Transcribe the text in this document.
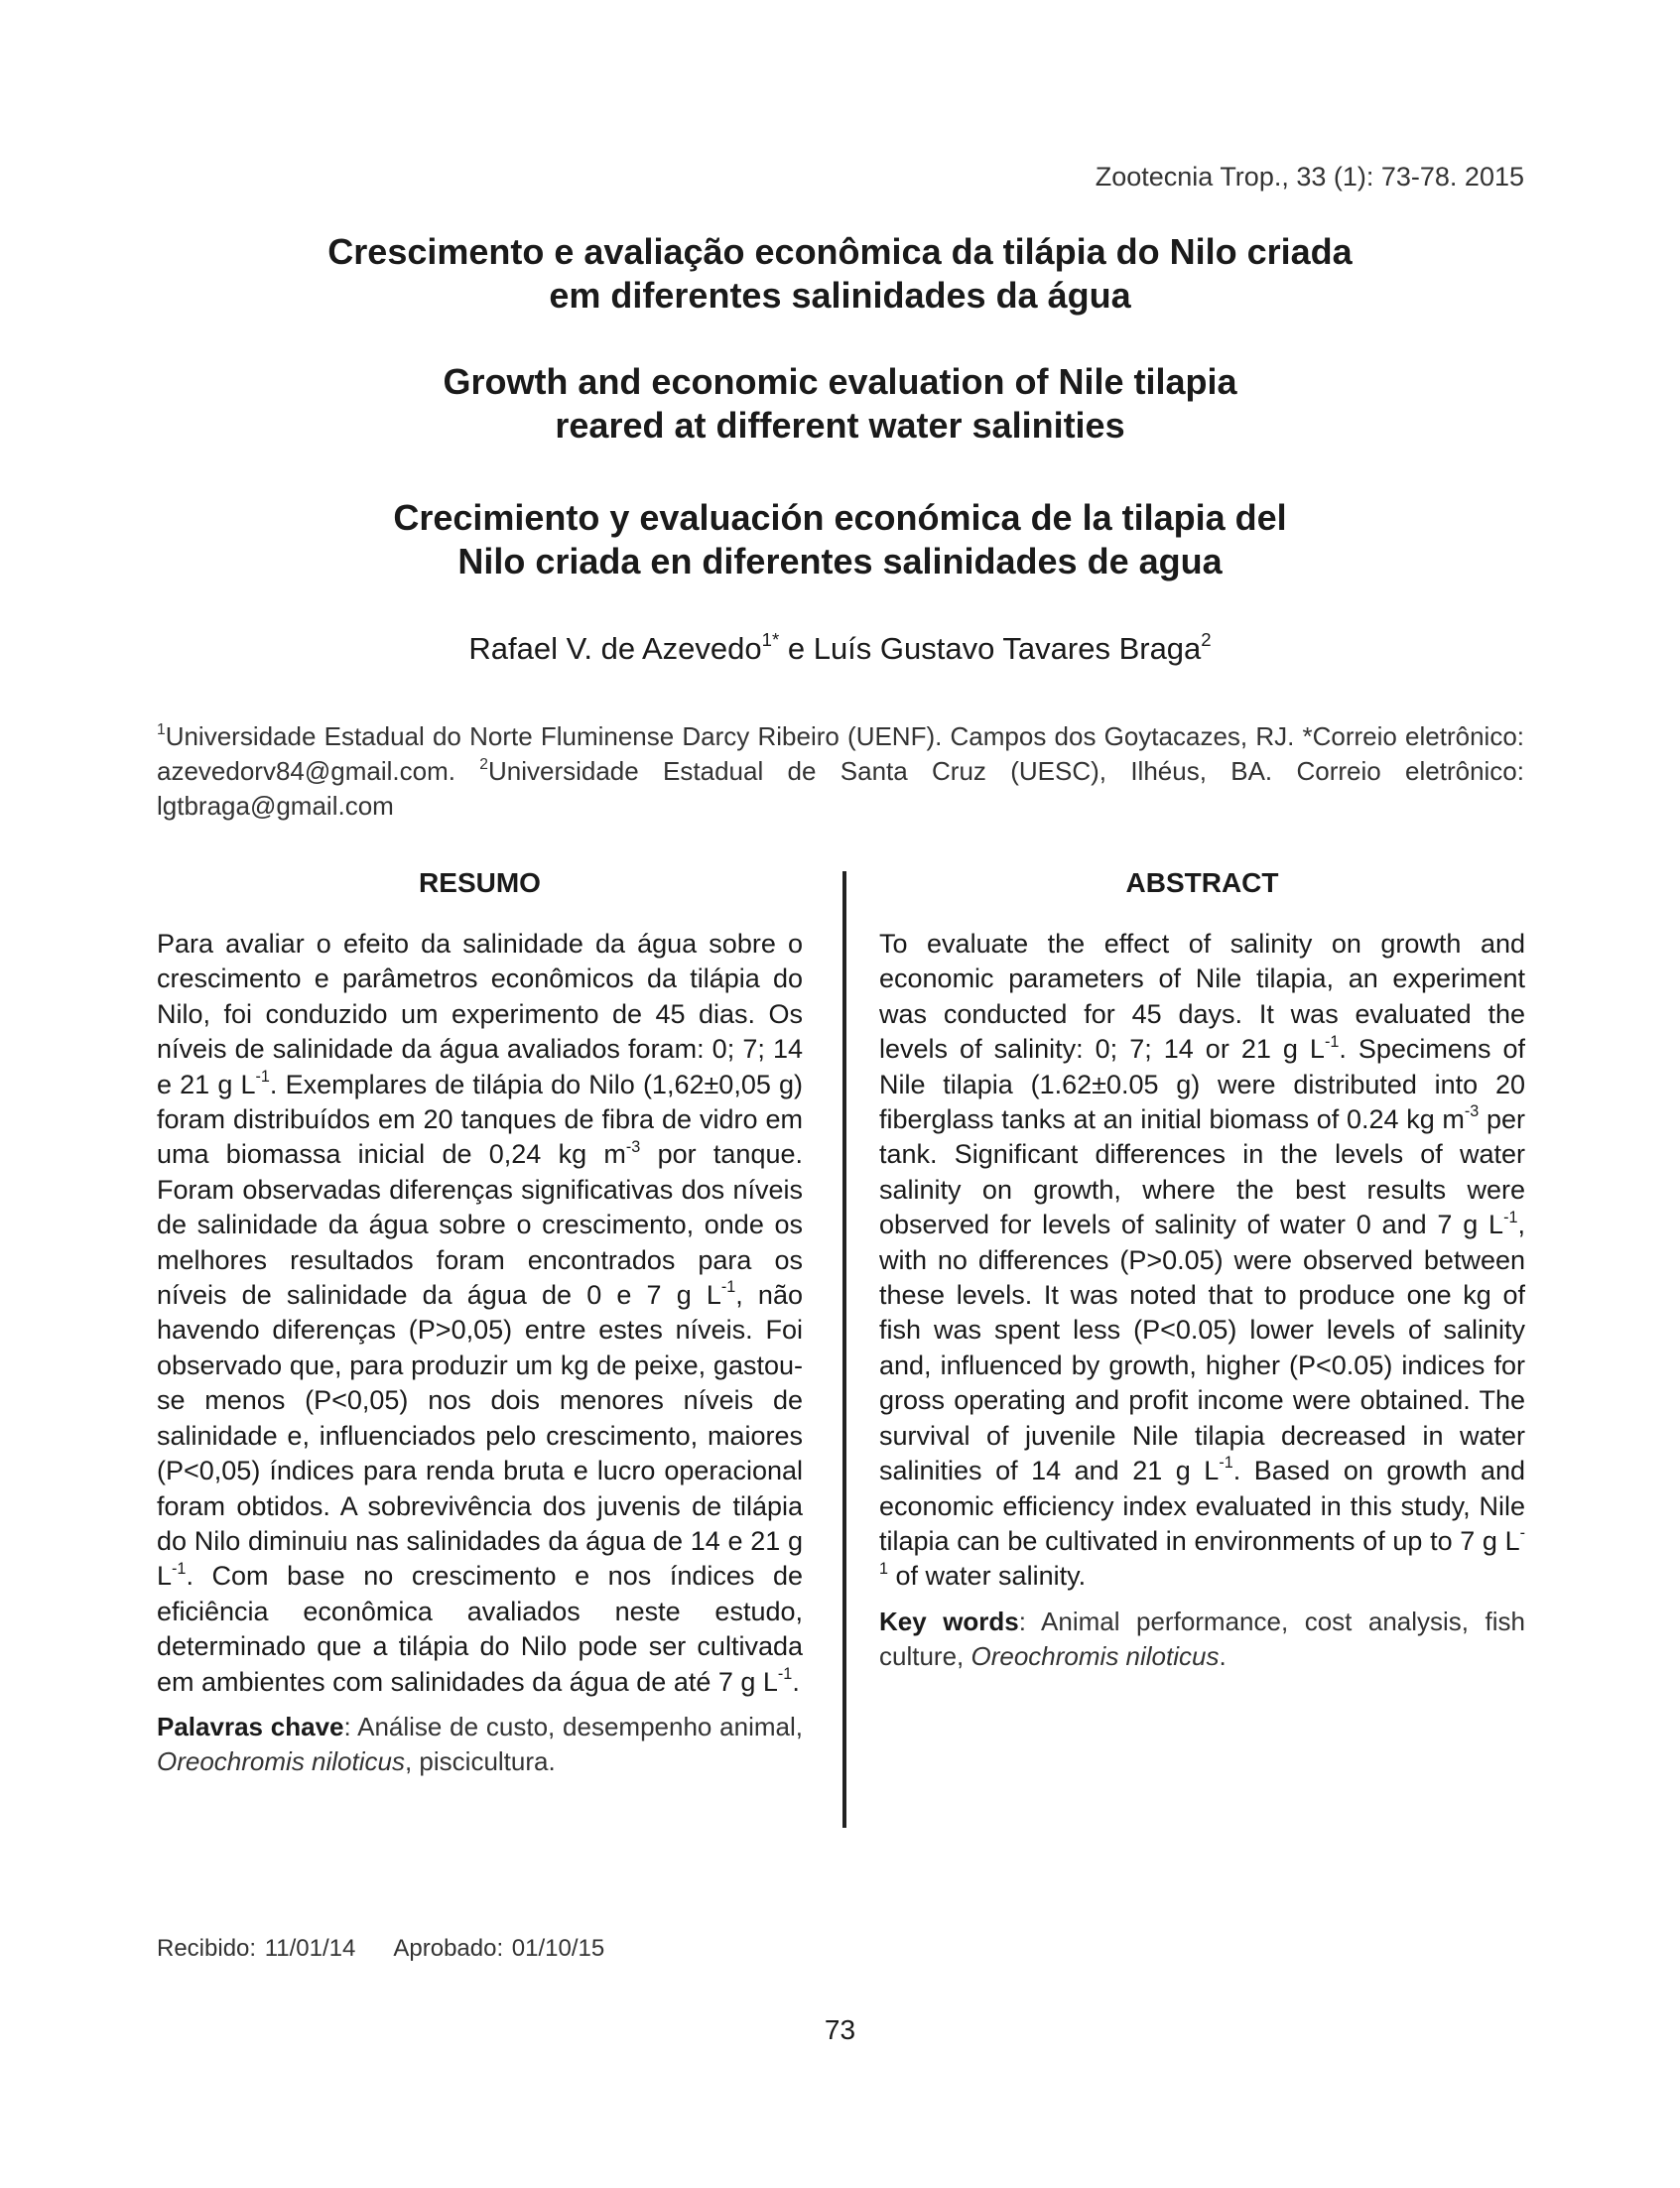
Zootecnia Trop., 33 (1): 73-78. 2015
Crescimento e avaliação econômica da tilápia do Nilo criada
em diferentes salinidades da água
Growth and economic evaluation of Nile tilapia
reared at different water salinities
Crecimiento y evaluación económica de la tilapia del
Nilo criada en diferentes salinidades de agua
Rafael V. de Azevedo$^{1*}$ e Luís Gustavo Tavares Braga$^2$
$^1$Universidade Estadual do Norte Fluminense Darcy Ribeiro (UENF). Campos dos Goytacazes, RJ. *Correio eletrônico: azevedorv84@gmail.com. $^2$Universidade Estadual de Santa Cruz (UESC), Ilhéus, BA. Correio eletrônico: lgtbraga@gmail.com
RESUMO

Para avaliar o efeito da salinidade da água sobre o crescimento e parâmetros econômicos da tilápia do Nilo, foi conduzido um experimento de 45 dias. Os níveis de salinidade da água avaliados foram: 0; 7; 14 e 21 g $L^{-1}$. Exemplares de tilápia do Nilo (1,62±0,05 g) foram distribuídos em 20 tanques de fibra de vidro em uma biomassa inicial de 0,24 kg $m^{-3}$ por tanque. Foram observadas diferenças significativas dos níveis de salinidade da água sobre o crescimento, onde os melhores resultados foram encontrados para os níveis de salinidade da água de 0 e 7 g $L^{-1}$, não havendo diferenças (P>0,05) entre estes níveis. Foi observado que, para produzir um kg de peixe, gastou-se menos (P<0,05) nos dois menores níveis de salinidade e, influenciados pelo crescimento, maiores (P<0,05) índices para renda bruta e lucro operacional foram obtidos. A sobrevivência dos juvenis de tilápia do Nilo diminuiu nas salinidades da água de 14 e 21 g $L^{-1}$. Com base no crescimento e nos índices de eficiência econômica avaliados neste estudo, determinado que a tilápia do Nilo pode ser cultivada em ambientes com salinidades da água de até 7 g $L^{-1}$.

Palavras chave: Análise de custo, desempenho animal, Oreochromis niloticus, piscicultura.

ABSTRACT

To evaluate the effect of salinity on growth and economic parameters of Nile tilapia, an experiment was conducted for 45 days. It was evaluated the levels of salinity: 0; 7; 14 or 21 g $L^{-1}$. Specimens of Nile tilapia (1.62±0.05 g) were distributed into 20 fiberglass tanks at an initial biomass of 0.24 kg $m^{-3}$ per tank. Significant differences in the levels of water salinity on growth, where the best results were observed for levels of salinity of water 0 and 7 g $L^{-1}$, with no differences (P>0.05) were observed between these levels. It was noted that to produce one kg of fish was spent less (P<0.05) lower levels of salinity and, influenced by growth, higher (P<0.05) indices for gross operating and profit income were obtained. The survival of juvenile Nile tilapia decreased in water salinities of 14 and 21 g $L^{-1}$. Based on growth and economic efficiency index evaluated in this study, Nile tilapia can be cultivated in environments of up to 7 g $L^{-1}$ of water salinity.

Key words: Animal performance, cost analysis, fish culture, Oreochromis niloticus.

Recibido: 11/01/14 Aprobado: 01/10/15
73
